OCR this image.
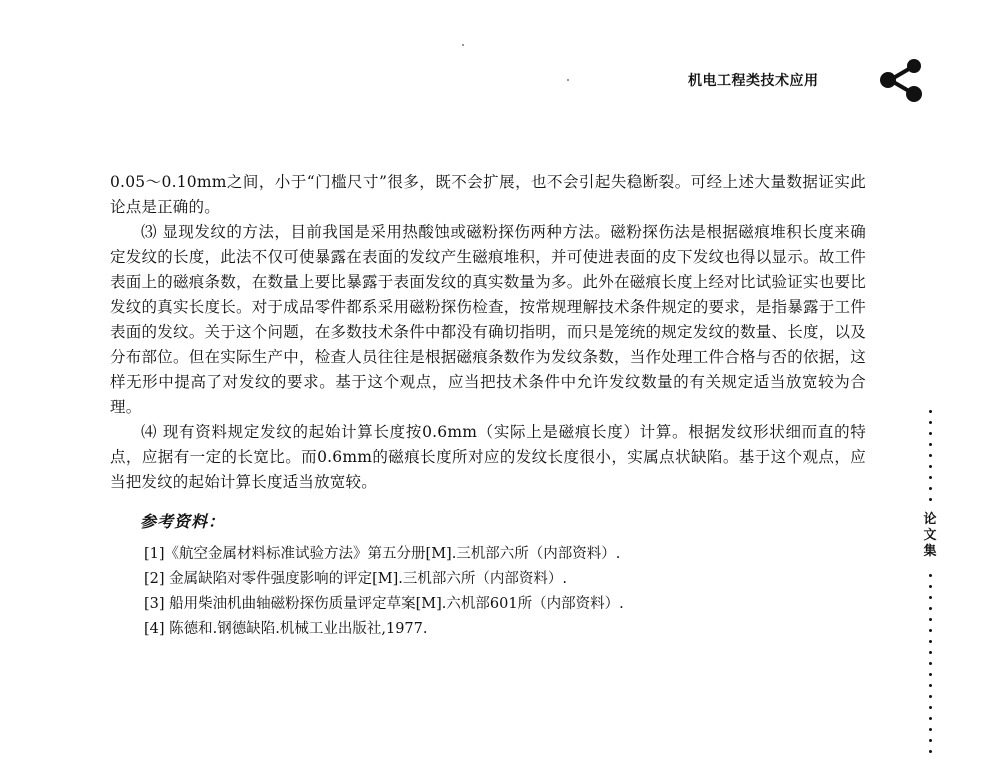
机电工程类技术应用

0.05～0.10mm之间，小于“门槛尺寸”很多，既不会扩展，也不会引起失稳断裂。可经上述大量数据证实此论点是正确的。

⑶ 显现发纹的方法，目前我国是采用热酸蚀或磁粉探伤两种方法。磁粉探伤法是根据磁痕堆积长度来确定发纹的长度，此法不仅可使暴露在表面的发纹产生磁痕堆积，并可使进表面的皮下发纹也得以显示。故工件表面上的磁痕条数，在数量上要比暴露于表面发纹的真实数量为多。此外在磁痕长度上经对比试验证实也要比发纹的真实长度长。对于成品零件都系采用磁粉探伤检查，按常规理解技术条件规定的要求，是指暴露于工件表面的发纹。关于这个问题，在多数技术条件中都没有确切指明，而只是笼统的规定发纹的数量、长度，以及分布部位。但在实际生产中，检查人员往往是根据磁痕条数作为发纹条数，当作处理工件合格与否的依据，这样无形中提高了对发纹的要求。基于这个观点，应当把技术条件中允许发纹数量的有关规定适当放宽较为合理。

⑷ 现有资料规定发纹的起始计算长度按0.6mm（实际上是磁痕长度）计算。根据发纹形状细而直的特点，应据有一定的长宽比。而0.6mm的磁痕长度所对应的发纹长度很小，实属点状缺陷。基于这个观点，应当把发纹的起始计算长度适当放宽较。

参考资料：
[1]《航空金属材料标准试验方法》第五分册[M].三机部六所（内部资料）.
[2] 金属缺陷对零件强度影响的评定[M].三机部六所（内部资料）.
[3] 船用柴油机曲轴磁粉探伤质量评定草案[M].六机部601所（内部资料）.
[4] 陈德和.钢德缺陷.机械工业出版社,1977.
论文集
